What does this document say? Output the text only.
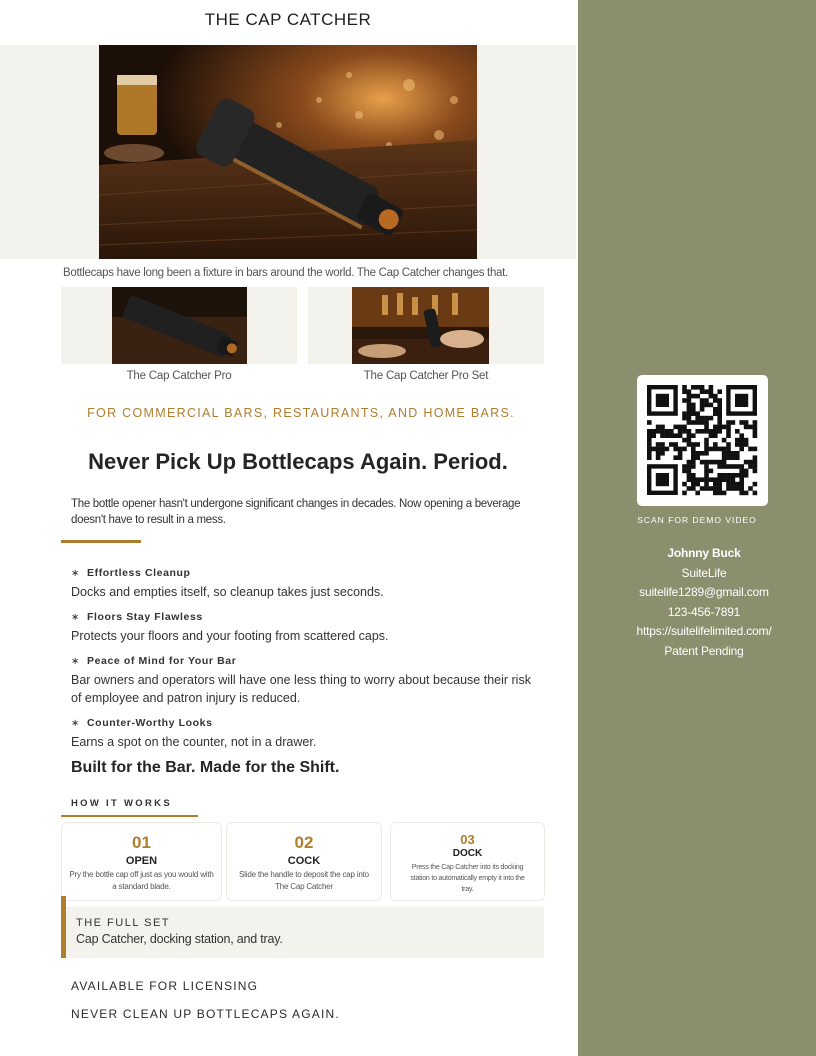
THE CAP CATCHER
Bottlecaps have long been a fixture in bars around the world. The Cap Catcher changes that.
The Cap Catcher Pro	The Cap Catcher Pro Set
FOR COMMERCIAL BARS, RESTAURANTS, AND HOME BARS.
Never Pick Up Bottlecaps Again. Period.
The bottle opener hasn't undergone significant changes in decades. Now opening a beverage doesn't have to result in a mess.
∗ Effortless Cleanup
Docks and empties itself, so cleanup takes just seconds.
∗ Floors Stay Flawless
Protects your floors and your footing from scattered caps.
∗ Peace of Mind for Your Bar
Bar owners and operators will have one less thing to worry about because their risk of employee and patron injury is reduced.
∗ Counter-Worthy Looks
Earns a spot on the counter, not in a drawer.
Built for the Bar. Made for the Shift.
HOW IT WORKS
01
OPEN
Pry the bottle cap off just as you would with a standard blade.
02
COCK
Slide the handle to deposit the cap into The Cap Catcher
03
DOCK
Press the Cap Catcher into its docking station to automatically empty it into the tray.
THE FULL SET
Cap Catcher, docking station, and tray.
AVAILABLE FOR LICENSING
NEVER CLEAN UP BOTTLECAPS AGAIN.
SCAN FOR DEMO VIDEO
Johnny Buck
SuiteLife
suitelife1289@gmail.com
123-456-7891
https://suitelifelimited.com/
Patent Pending
